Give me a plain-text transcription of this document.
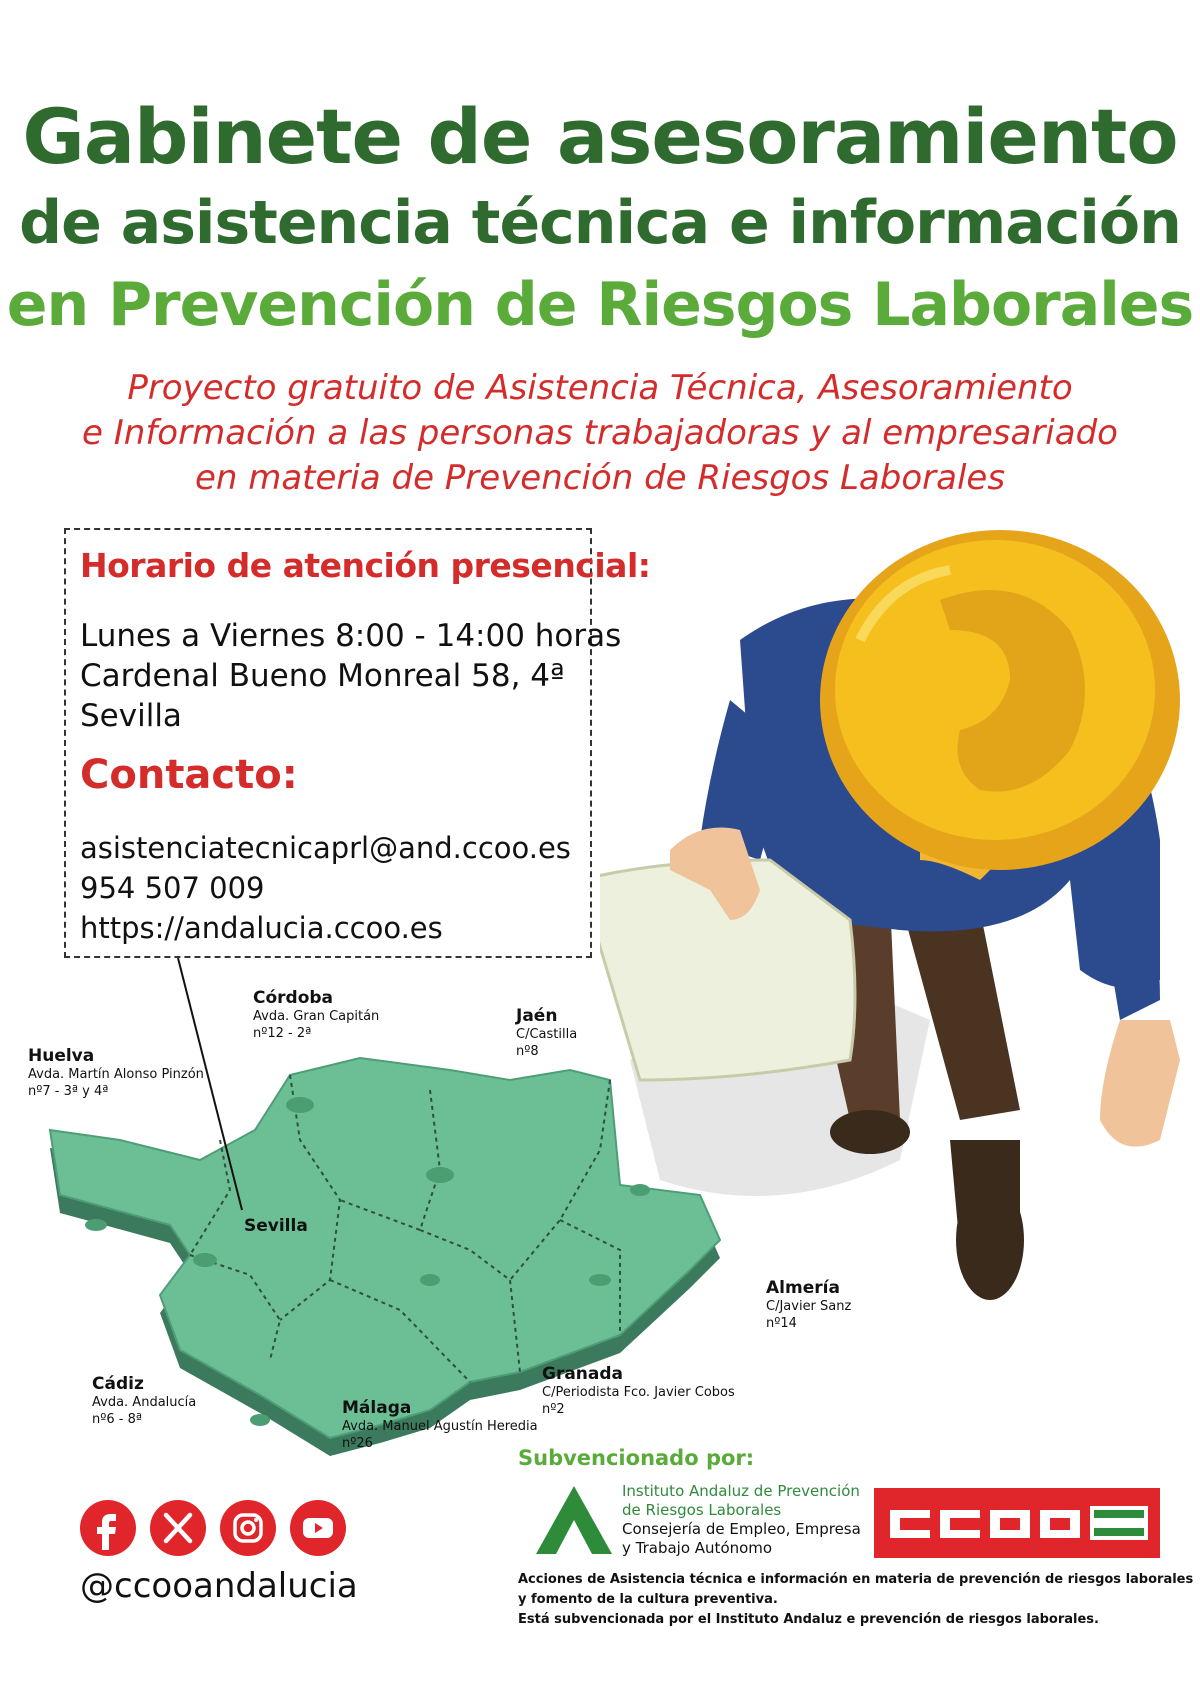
Gabinete de asesoramiento
de asistencia técnica e información
en Prevención de Riesgos Laborales
Proyecto gratuito de Asistencia Técnica, Asesoramiento
e Información a las personas trabajadoras y al empresariado
en materia de Prevención de Riesgos Laborales
Horario de atención presencial:
Lunes a Viernes 8:00 - 14:00 horas
Cardenal Bueno Monreal 58, 4ª
Sevilla
Contacto:
asistenciatecnicaprl@and.ccoo.es
954 507 009
https://andalucia.ccoo.es
Córdoba
Avda. Gran Capitán
nº12 - 2ª
Jaén
C/Castilla
nº8
Huelva
Avda. Martín Alonso Pinzón
nº7 - 3ª y 4ª
Sevilla
Almería
C/Javier Sanz
nº14
Cádiz
Avda. Andalucía
nº6 - 8ª
Granada
C/Periodista Fco. Javier Cobos
nº2
Málaga
Avda. Manuel Agustín Heredia
nº26
@ccooandalucia
Subvencionado por:
Instituto Andaluz de Prevención
de Riesgos Laborales
Consejería de Empleo, Empresa
y Trabajo Autónomo
Acciones de Asistencia técnica e información en materia de prevención de riesgos laborales
y fomento de la cultura preventiva.
Está subvencionada por el Instituto Andaluz e prevención de riesgos laborales.
